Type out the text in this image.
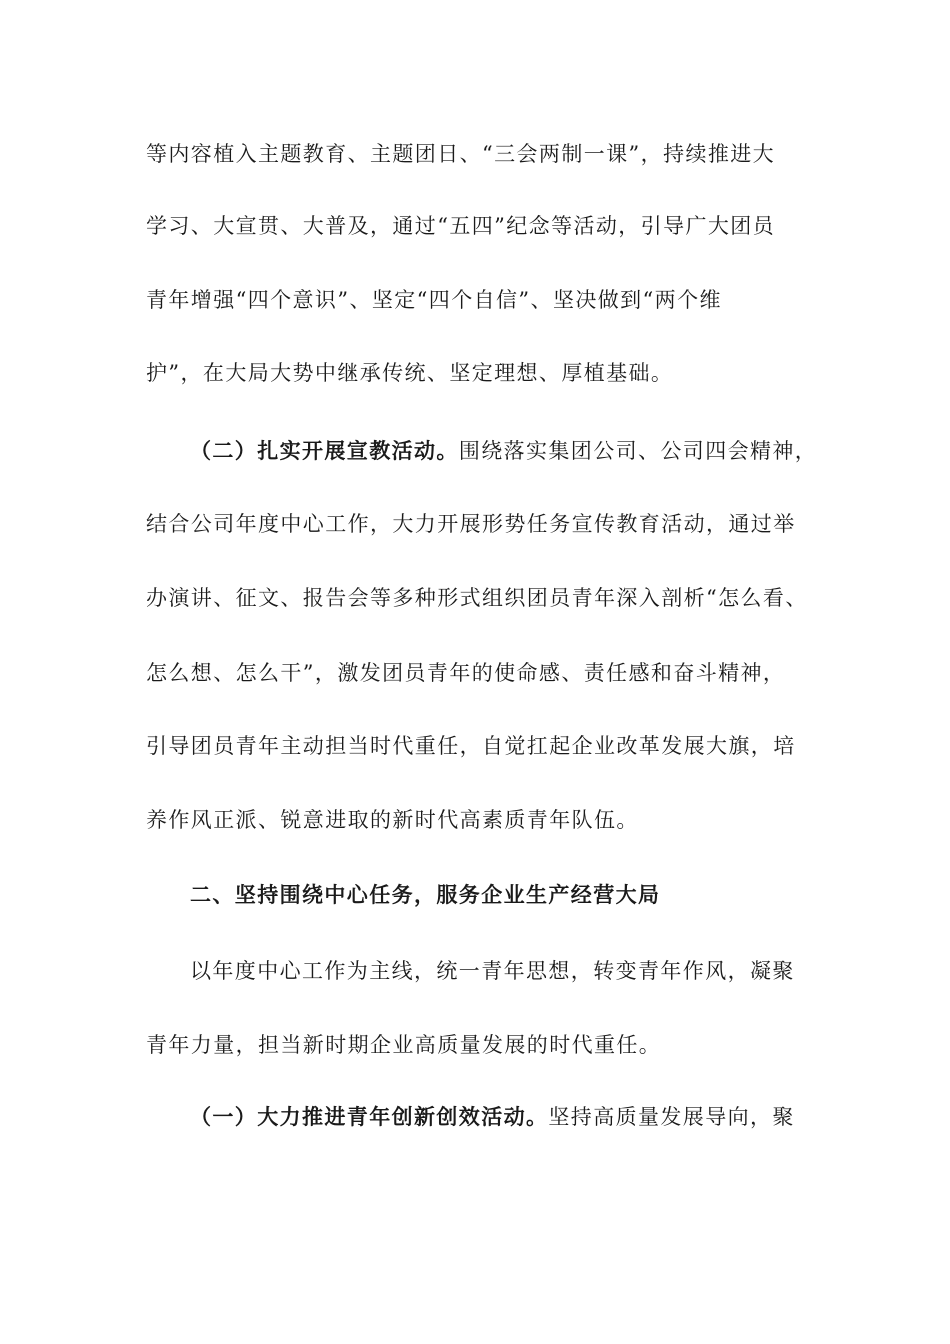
等内容植入主题教育、主题团日、“三会两制一课”，持续推进大
学习、大宣贯、大普及，通过“五四”纪念等活动，引导广大团员
青年增强“四个意识”、坚定“四个自信”、坚决做到“两个维
护”，在大局大势中继承传统、坚定理想、厚植基础。
（二）扎实开展宣教活动。围绕落实集团公司、公司四会精神，
结合公司年度中心工作，大力开展形势任务宣传教育活动，通过举
办演讲、征文、报告会等多种形式组织团员青年深入剖析“怎么看、
怎么想、怎么干”，激发团员青年的使命感、责任感和奋斗精神，
引导团员青年主动担当时代重任，自觉扛起企业改革发展大旗，培
养作风正派、锐意进取的新时代高素质青年队伍。
二、坚持围绕中心任务，服务企业生产经营大局
以年度中心工作为主线，统一青年思想，转变青年作风，凝聚
青年力量，担当新时期企业高质量发展的时代重任。
（一）大力推进青年创新创效活动。坚持高质量发展导向，聚
